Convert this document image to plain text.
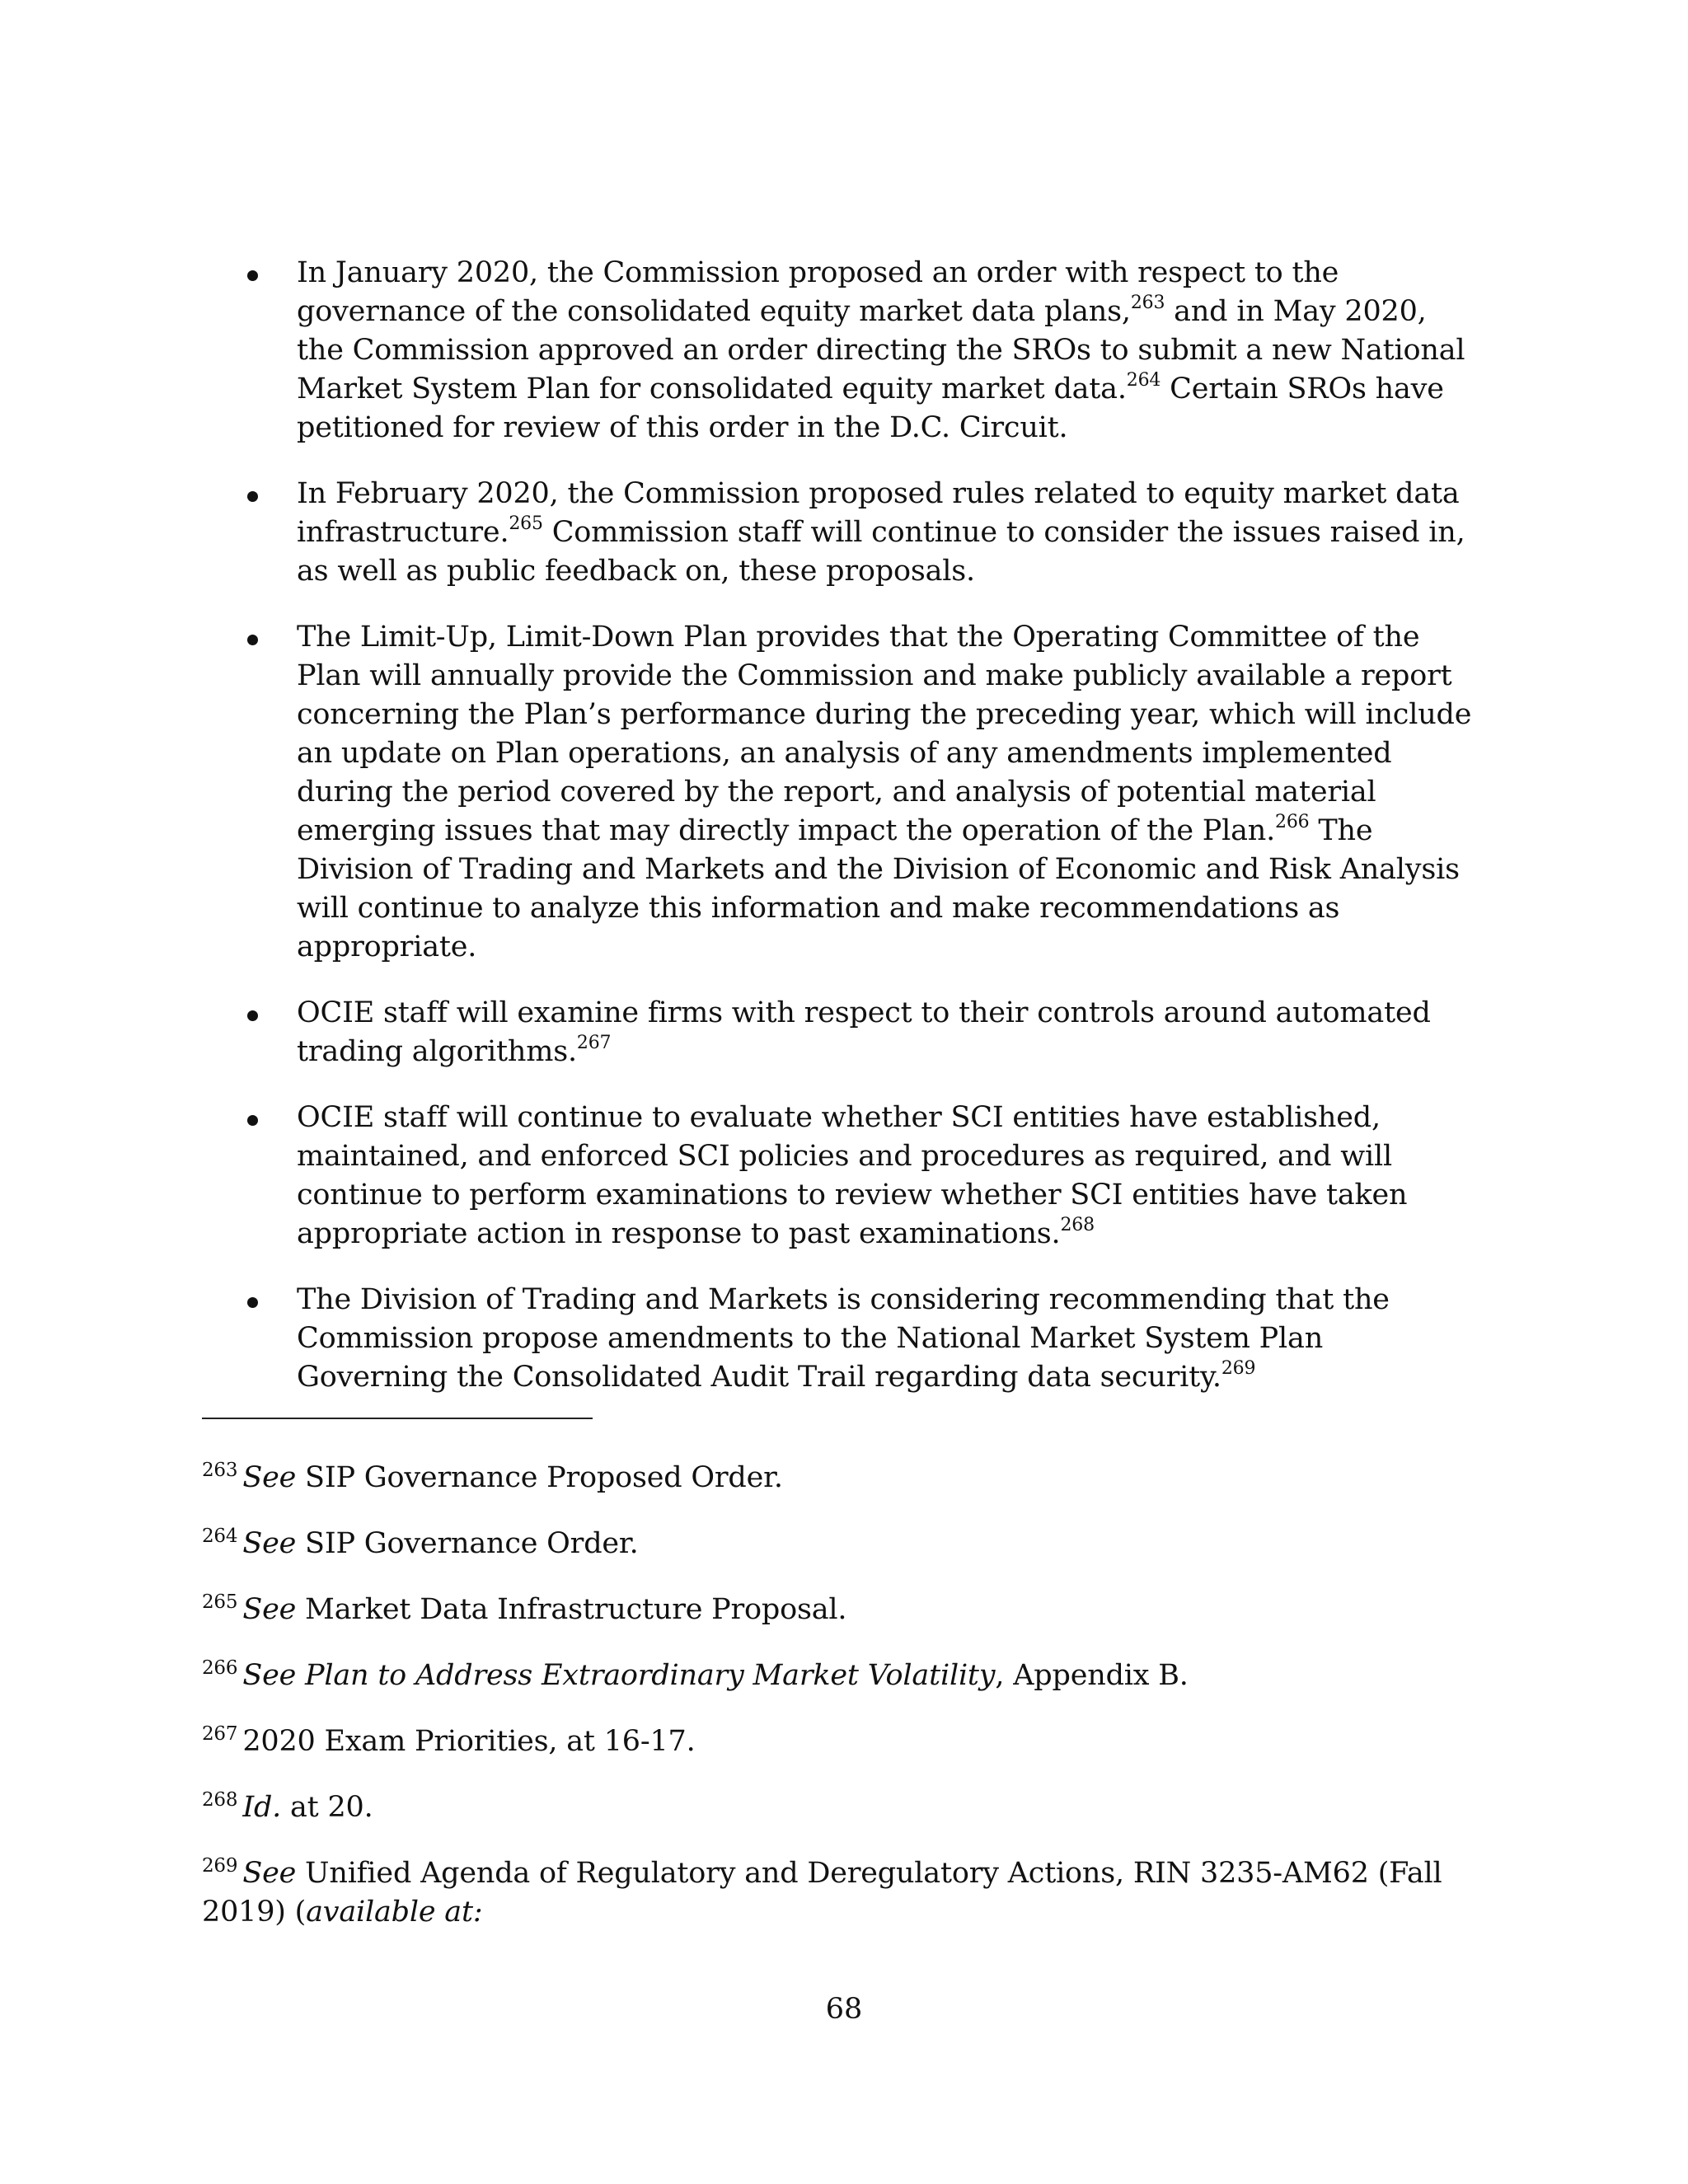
In January 2020, the Commission proposed an order with respect to the governance of the consolidated equity market data plans,$^{263}$ and in May 2020, the Commission approved an order directing the SROs to submit a new National Market System Plan for consolidated equity market data.$^{264}$ Certain SROs have petitioned for review of this order in the D.C. Circuit.
In February 2020, the Commission proposed rules related to equity market data infrastructure.$^{265}$ Commission staff will continue to consider the issues raised in, as well as public feedback on, these proposals.
The Limit-Up, Limit-Down Plan provides that the Operating Committee of the Plan will annually provide the Commission and make publicly available a report concerning the Plan’s performance during the preceding year, which will include an update on Plan operations, an analysis of any amendments implemented during the period covered by the report, and analysis of potential material emerging issues that may directly impact the operation of the Plan.$^{266}$ The Division of Trading and Markets and the Division of Economic and Risk Analysis will continue to analyze this information and make recommendations as appropriate.
OCIE staff will examine firms with respect to their controls around automated trading algorithms.$^{267}$
OCIE staff will continue to evaluate whether SCI entities have established, maintained, and enforced SCI policies and procedures as required, and will continue to perform examinations to review whether SCI entities have taken appropriate action in response to past examinations.$^{268}$
The Division of Trading and Markets is considering recommending that the Commission propose amendments to the National Market System Plan Governing the Consolidated Audit Trail regarding data security.$^{269}$
$^{263}$ See SIP Governance Proposed Order.
$^{264}$ See SIP Governance Order.
$^{265}$ See Market Data Infrastructure Proposal.
$^{266}$ See Plan to Address Extraordinary Market Volatility, Appendix B.
$^{267}$ 2020 Exam Priorities, at 16-17.
$^{268}$ Id. at 20.
$^{269}$ See Unified Agenda of Regulatory and Deregulatory Actions, RIN 3235-AM62 (Fall 2019) (available at:
68
